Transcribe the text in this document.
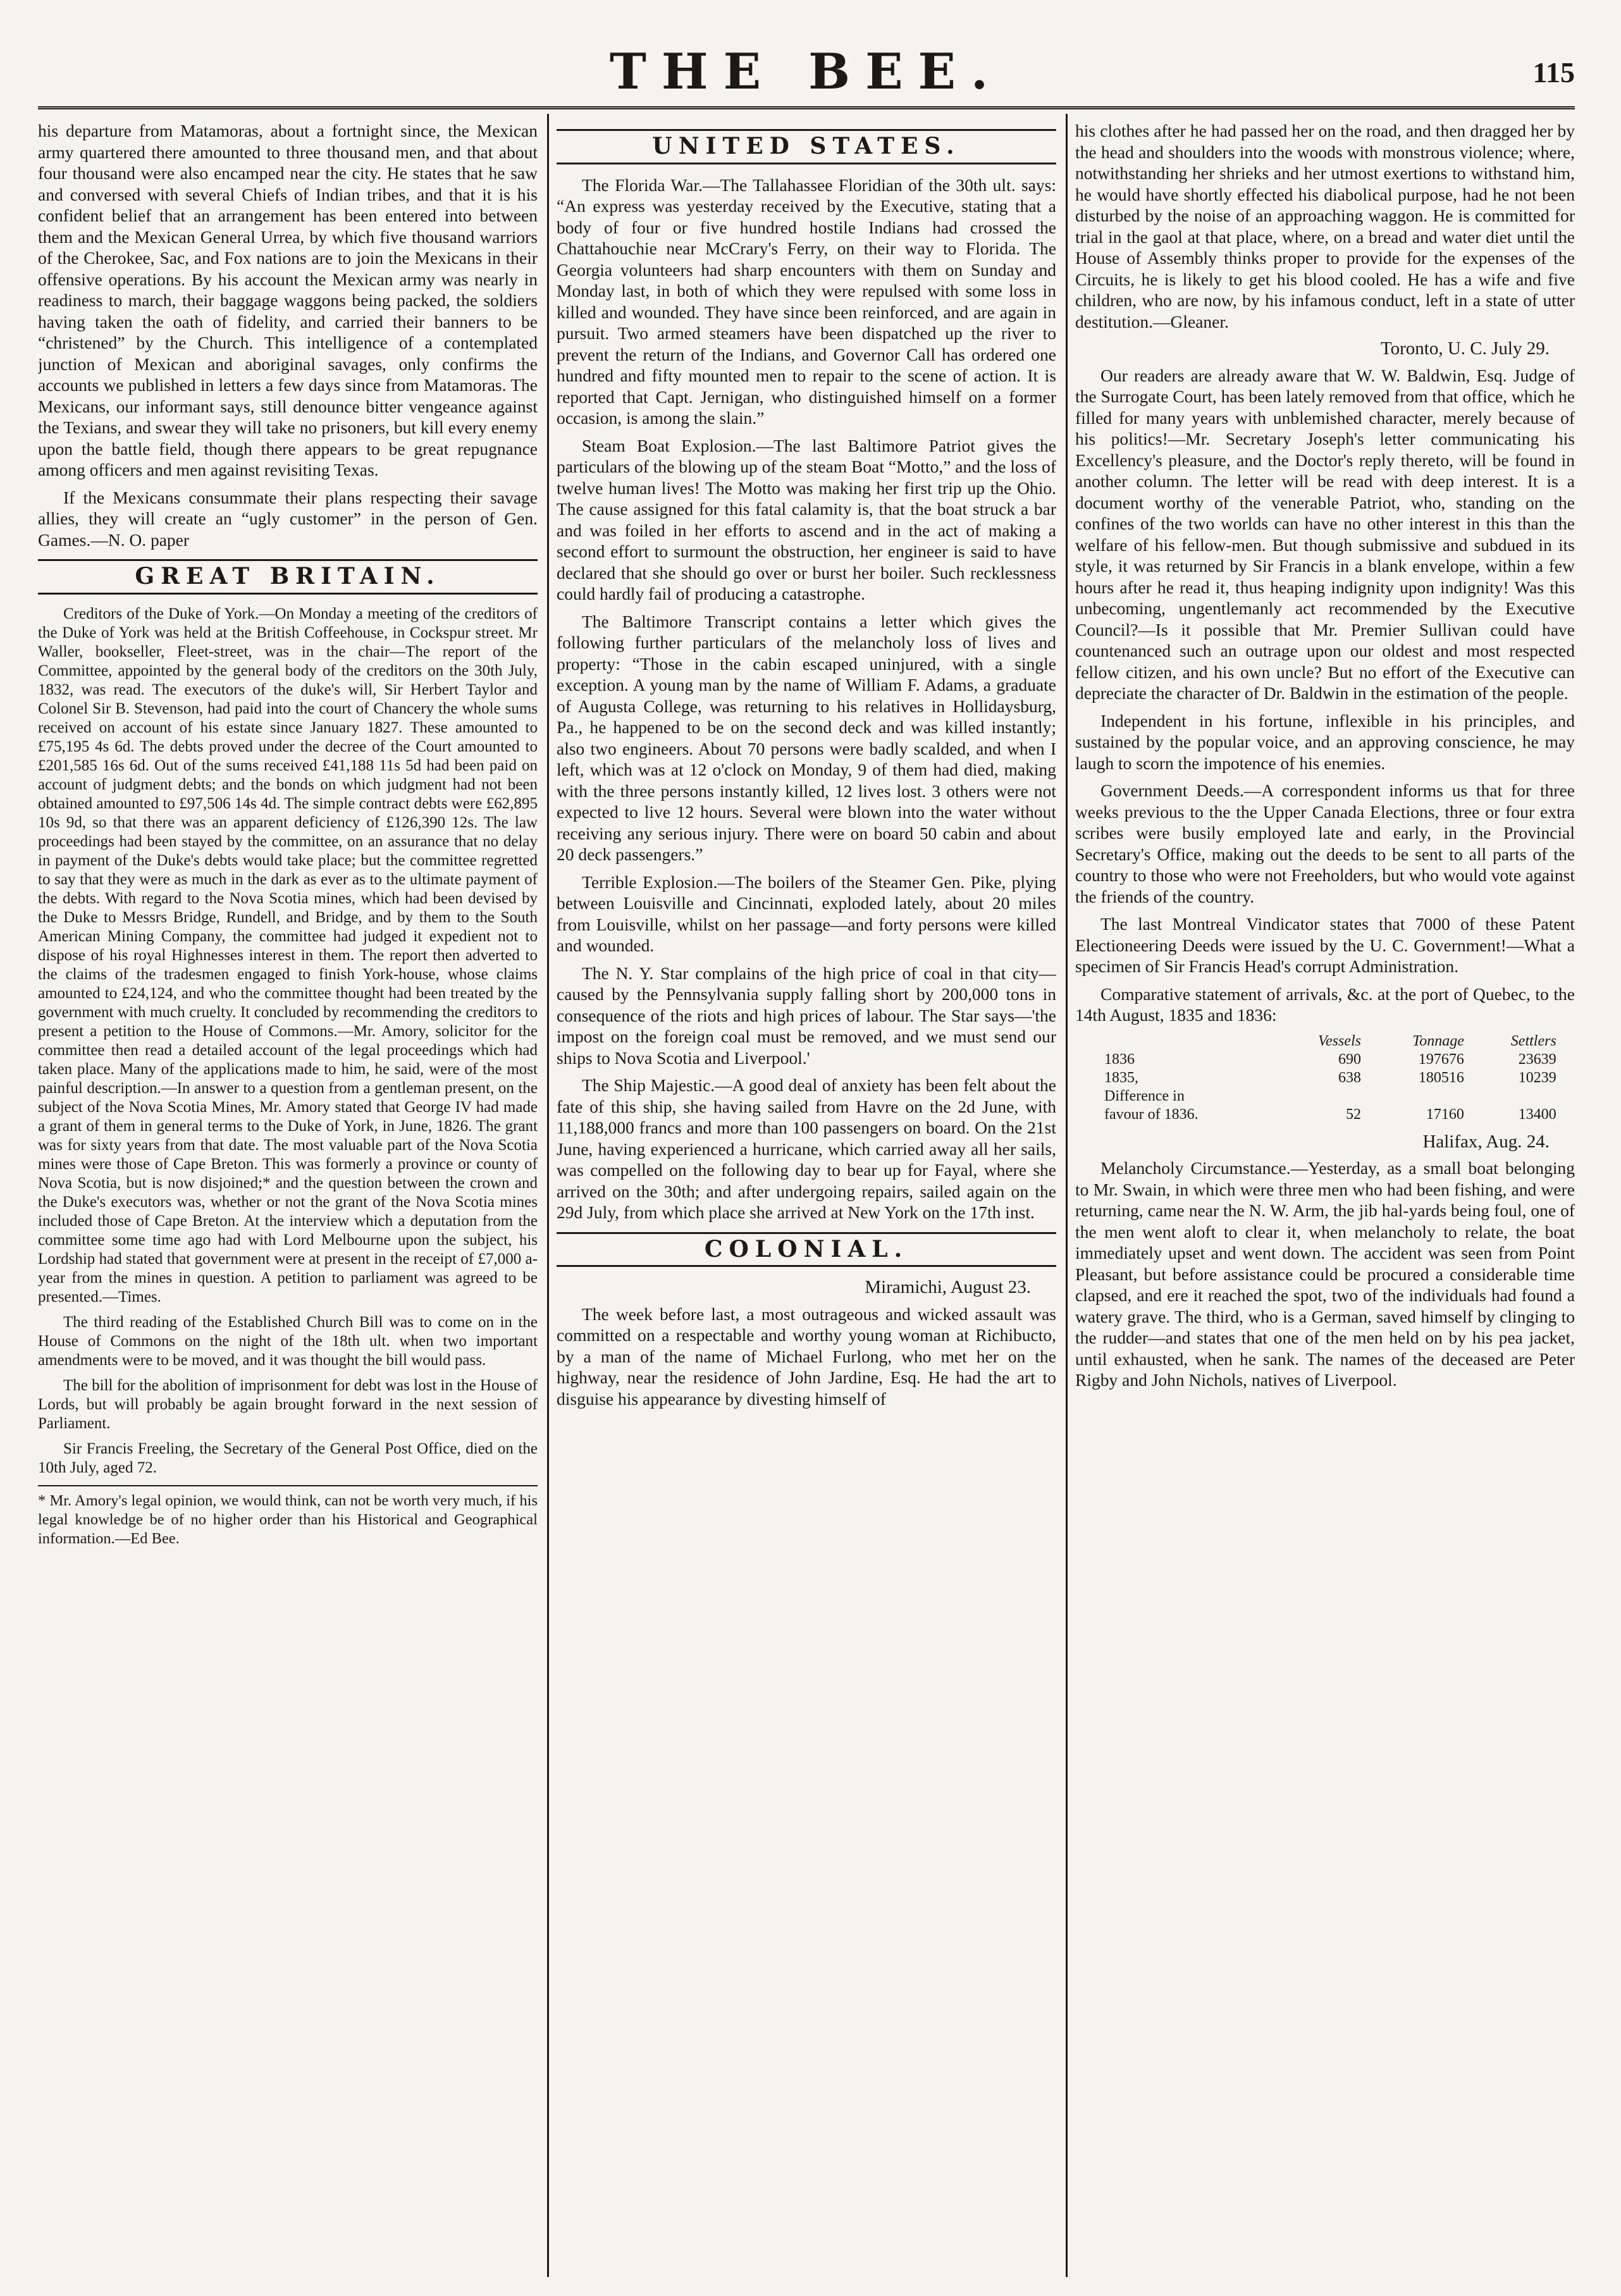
THE BEE.	115

his departure from Matamoras, about a fortnight since, the Mexican army quartered there amounted to three thousand men, and that about four thousand were also encamped near the city. He states that he saw and conversed with several Chiefs of Indian tribes, and that it is his confident belief that an arrangement has been entered into between them and the Mexican General Urrea, by which five thousand warriors of the Cherokee, Sac, and Fox nations are to join the Mexicans in their offensive operations. By his account the Mexican army was nearly in readiness to march, their baggage waggons being packed, the soldiers having taken the oath of fidelity, and carried their banners to be “christened” by the Church. This intelligence of a contemplated junction of Mexican and aboriginal savages, only confirms the accounts we published in letters a few days since from Matamoras. The Mexicans, our informant says, still denounce bitter vengeance against the Texians, and swear they will take no prisoners, but kill every enemy upon the battle field, though there appears to be great repugnance among officers and men against revisiting Texas.

If the Mexicans consummate their plans respecting their savage allies, they will create an “ugly customer” in the person of Gen. Games.—N. O. paper

GREAT BRITAIN.

Creditors of the Duke of York.—On Monday a meeting of the creditors of the Duke of York was held at the British Coffeehouse, in Cockspur street. Mr Waller, bookseller, Fleet-street, was in the chair—The report of the Committee, appointed by the general body of the creditors on the 30th July, 1832, was read. The executors of the duke's will, Sir Herbert Taylor and Colonel Sir B. Stevenson, had paid into the court of Chancery the whole sums received on account of his estate since January 1827. These amounted to £75,195 4s 6d. The debts proved under the decree of the Court amounted to £201,585 16s 6d. Out of the sums received £41,188 11s 5d had been paid on account of judgment debts; and the bonds on which judgment had not been obtained amounted to £97,506 14s 4d. The simple contract debts were £62,895 10s 9d, so that there was an apparent deficiency of £126,390 12s. The law proceedings had been stayed by the committee, on an assurance that no delay in payment of the Duke's debts would take place; but the committee regretted to say that they were as much in the dark as ever as to the ultimate payment of the debts. With regard to the Nova Scotia mines, which had been devised by the Duke to Messrs Bridge, Rundell, and Bridge, and by them to the South American Mining Company, the committee had judged it expedient not to dispose of his royal Highnesses interest in them. The report then adverted to the claims of the tradesmen engaged to finish York-house, whose claims amounted to £24,124, and who the committee thought had been treated by the government with much cruelty. It concluded by recommending the creditors to present a petition to the House of Commons.—Mr. Amory, solicitor for the committee then read a detailed account of the legal proceedings which had taken place. Many of the applications made to him, he said, were of the most painful description.—In answer to a question from a gentleman present, on the subject of the Nova Scotia Mines, Mr. Amory stated that George IV had made a grant of them in general terms to the Duke of York, in June, 1826. The grant was for sixty years from that date. The most valuable part of the Nova Scotia mines were those of Cape Breton. This was formerly a province or county of Nova Scotia, but is now disjoined;* and the question between the crown and the Duke's executors was, whether or not the grant of the Nova Scotia mines included those of Cape Breton. At the interview which a deputation from the committee some time ago had with Lord Melbourne upon the subject, his Lordship had stated that government were at present in the receipt of £7,000 a-year from the mines in question. A petition to parliament was agreed to be presented.—Times.

The third reading of the Established Church Bill was to come on in the House of Commons on the night of the 18th ult. when two important amendments were to be moved, and it was thought the bill would pass.

The bill for the abolition of imprisonment for debt was lost in the House of Lords, but will probably be again brought forward in the next session of Parliament.

Sir Francis Freeling, the Secretary of the General Post Office, died on the 10th July, aged 72.

* Mr. Amory's legal opinion, we would think, can not be worth very much, if his legal knowledge be of no higher order than his Historical and Geographical information.—Ed Bee.
UNITED STATES.

The Florida War.—The Tallahassee Floridian of the 30th ult. says: “An express was yesterday received by the Executive, stating that a body of four or five hundred hostile Indians had crossed the Chattahouchie near McCrary's Ferry, on their way to Florida. The Georgia volunteers had sharp encounters with them on Sunday and Monday last, in both of which they were repulsed with some loss in killed and wounded. They have since been reinforced, and are again in pursuit. Two armed steamers have been dispatched up the river to prevent the return of the Indians, and Governor Call has ordered one hundred and fifty mounted men to repair to the scene of action. It is reported that Capt. Jernigan, who distinguished himself on a former occasion, is among the slain.”

Steam Boat Explosion.—The last Baltimore Patriot gives the particulars of the blowing up of the steam Boat “Motto,” and the loss of twelve human lives! The Motto was making her first trip up the Ohio. The cause assigned for this fatal calamity is, that the boat struck a bar and was foiled in her efforts to ascend and in the act of making a second effort to surmount the obstruction, her engineer is said to have declared that she should go over or burst her boiler. Such recklessness could hardly fail of producing a catastrophe.

The Baltimore Transcript contains a letter which gives the following further particulars of the melancholy loss of lives and property: “Those in the cabin escaped uninjured, with a single exception. A young man by the name of William F. Adams, a graduate of Augusta College, was returning to his relatives in Hollidaysburg, Pa., he happened to be on the second deck and was killed instantly; also two engineers. About 70 persons were badly scalded, and when I left, which was at 12 o'clock on Monday, 9 of them had died, making with the three persons instantly killed, 12 lives lost. 3 others were not expected to live 12 hours. Several were blown into the water without receiving any serious injury. There were on board 50 cabin and about 20 deck passengers.”

Terrible Explosion.—The boilers of the Steamer Gen. Pike, plying between Louisville and Cincinnati, exploded lately, about 20 miles from Louisville, whilst on her passage—and forty persons were killed and wounded.

The N. Y. Star complains of the high price of coal in that city—caused by the Pennsylvania supply falling short by 200,000 tons in consequence of the riots and high prices of labour. The Star says—'the impost on the foreign coal must be removed, and we must send our ships to Nova Scotia and Liverpool.'

The Ship Majestic.—A good deal of anxiety has been felt about the fate of this ship, she having sailed from Havre on the 2d June, with 11,188,000 francs and more than 100 passengers on board. On the 21st June, having experienced a hurricane, which carried away all her sails, was compelled on the following day to bear up for Fayal, where she arrived on the 30th; and after undergoing repairs, sailed again on the 29d July, from which place she arrived at New York on the 17th inst.

COLONIAL.
Miramichi, August 23.

The week before last, a most outrageous and wicked assault was committed on a respectable and worthy young woman at Richibucto, by a man of the name of Michael Furlong, who met her on the highway, near the residence of John Jardine, Esq. He had the art to disguise his appearance by divesting himself of

his clothes after he had passed her on the road, and then dragged her by the head and shoulders into the woods with monstrous violence; where, notwithstanding her shrieks and her utmost exertions to withstand him, he would have shortly effected his diabolical purpose, had he not been disturbed by the noise of an approaching waggon. He is committed for trial in the gaol at that place, where, on a bread and water diet until the House of Assembly thinks proper to provide for the expenses of the Circuits, he is likely to get his blood cooled. He has a wife and five children, who are now, by his infamous conduct, left in a state of utter destitution.—Gleaner.

Toronto, U. C. July 29.

Our readers are already aware that W. W. Baldwin, Esq. Judge of the Surrogate Court, has been lately removed from that office, which he filled for many years with unblemished character, merely because of his politics!—Mr. Secretary Joseph's letter communicating his Excellency's pleasure, and the Doctor's reply thereto, will be found in another column. The letter will be read with deep interest. It is a document worthy of the venerable Patriot, who, standing on the confines of the two worlds can have no other interest in this than the welfare of his fellow-men. But though submissive and subdued in its style, it was returned by Sir Francis in a blank envelope, within a few hours after he read it, thus heaping indignity upon indignity! Was this unbecoming, ungentlemanly act recommended by the Executive Council?—Is it possible that Mr. Premier Sullivan could have countenanced such an outrage upon our oldest and most respected fellow citizen, and his own uncle? But no effort of the Executive can depreciate the character of Dr. Baldwin in the estimation of the people.

Independent in his fortune, inflexible in his principles, and sustained by the popular voice, and an approving conscience, he may laugh to scorn the impotence of his enemies.

Government Deeds.—A correspondent informs us that for three weeks previous to the the Upper Canada Elections, three or four extra scribes were busily employed late and early, in the Provincial Secretary's Office, making out the deeds to be sent to all parts of the country to those who were not Freeholders, but who would vote against the friends of the country.

The last Montreal Vindicator states that 7000 of these Patent Electioneering Deeds were issued by the U. C. Government!—What a specimen of Sir Francis Head's corrupt Administration.

Comparative statement of arrivals, &c. at the port of Quebec, to the 14th August, 1835 and 1836:

	Vessels	Tonnage	Settlers
1836	690	197676	23639
1835,	638	180516	10239
Difference in			
favour of 1836.	52	17160	13400
Halifax, Aug. 24.

Melancholy Circumstance.—Yesterday, as a small boat belonging to Mr. Swain, in which were three men who had been fishing, and were returning, came near the N. W. Arm, the jib hal-yards being foul, one of the men went aloft to clear it, when melancholy to relate, the boat immediately upset and went down. The accident was seen from Point Pleasant, but before assistance could be procured a considerable time clapsed, and ere it reached the spot, two of the individuals had found a watery grave. The third, who is a German, saved himself by clinging to the rudder—and states that one of the men held on by his pea jacket, until exhausted, when he sank. The names of the deceased are Peter Rigby and John Nichols, natives of Liverpool.
